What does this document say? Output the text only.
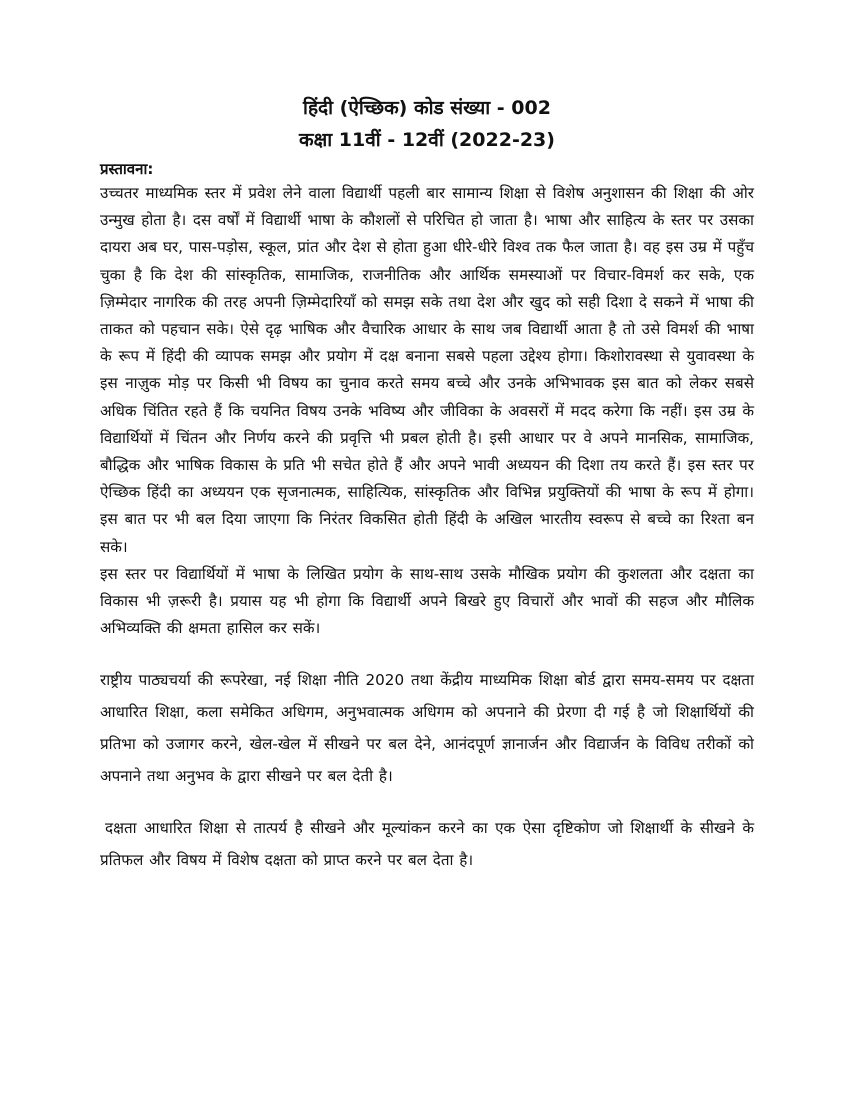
हिंदी (ऐच्छिक) कोड संख्या - 002
कक्षा 11वीं - 12वीं (2022-23)
प्रस्तावना:

उच्चतर माध्यमिक स्तर में प्रवेश लेने वाला विद्यार्थी पहली बार सामान्य शिक्षा से विशेष अनुशासन की शिक्षा की ओर उन्मुख होता है। दस वर्षों में विद्यार्थी भाषा के कौशलों से परिचित हो जाता है। भाषा और साहित्य के स्तर पर उसका दायरा अब घर, पास-पड़ोस, स्कूल, प्रांत और देश से होता हुआ धीरे-धीरे विश्व तक फैल जाता है। वह इस उम्र में पहुँच चुका है कि देश की सांस्कृतिक, सामाजिक, राजनीतिक और आर्थिक समस्याओं पर विचार-विमर्श कर सके, एक ज़िम्मेदार नागरिक की तरह अपनी ज़िम्मेदारियाँ को समझ सके तथा देश और खुद को सही दिशा दे सकने में भाषा की ताकत को पहचान सके। ऐसे दृढ़ भाषिक और वैचारिक आधार के साथ जब विद्यार्थी आता है तो उसे विमर्श की भाषा के रूप में हिंदी की व्यापक समझ और प्रयोग में दक्ष बनाना सबसे पहला उद्देश्य होगा। किशोरावस्था से युवावस्था के इस नाज़ुक मोड़ पर किसी भी विषय का चुनाव करते समय बच्चे और उनके अभिभावक इस बात को लेकर सबसे अधिक चिंतित रहते हैं कि चयनित विषय उनके भविष्य और जीविका के अवसरों में मदद करेगा कि नहीं। इस उम्र के विद्यार्थियों में चिंतन और निर्णय करने की प्रवृत्ति भी प्रबल होती है। इसी आधार पर वे अपने मानसिक, सामाजिक, बौद्धिक और भाषिक विकास के प्रति भी सचेत होते हैं और अपने भावी अध्ययन की दिशा तय करते हैं। इस स्तर पर ऐच्छिक हिंदी का अध्ययन एक सृजनात्मक, साहित्यिक, सांस्कृतिक और विभिन्न प्रयुक्तियों की भाषा के रूप में होगा। इस बात पर भी बल दिया जाएगा कि निरंतर विकसित होती हिंदी के अखिल भारतीय स्वरूप से बच्चे का रिश्ता बन सके।

इस स्तर पर विद्यार्थियों में भाषा के लिखित प्रयोग के साथ-साथ उसके मौखिक प्रयोग की कुशलता और दक्षता का विकास भी ज़रूरी है। प्रयास यह भी होगा कि विद्यार्थी अपने बिखरे हुए विचारों और भावों की सहज और मौलिक अभिव्यक्ति की क्षमता हासिल कर सकें।

राष्ट्रीय पाठ्यचर्या की रूपरेखा, नई शिक्षा नीति 2020 तथा केंद्रीय माध्यमिक शिक्षा बोर्ड द्वारा समय-समय पर दक्षता आधारित शिक्षा, कला समेकित अधिगम, अनुभवात्मक अधिगम को अपनाने की प्रेरणा दी गई है जो शिक्षार्थियों की प्रतिभा को उजागर करने, खेल-खेल में सीखने पर बल देने, आनंदपूर्ण ज्ञानार्जन और विद्यार्जन के विविध तरीकों को अपनाने तथा अनुभव के द्वारा सीखने पर बल देती है।

दक्षता आधारित शिक्षा से तात्पर्य है सीखने और मूल्यांकन करने का एक ऐसा दृष्टिकोण जो शिक्षार्थी के सीखने के प्रतिफल और विषय में विशेष दक्षता को प्राप्त करने पर बल देता है।
